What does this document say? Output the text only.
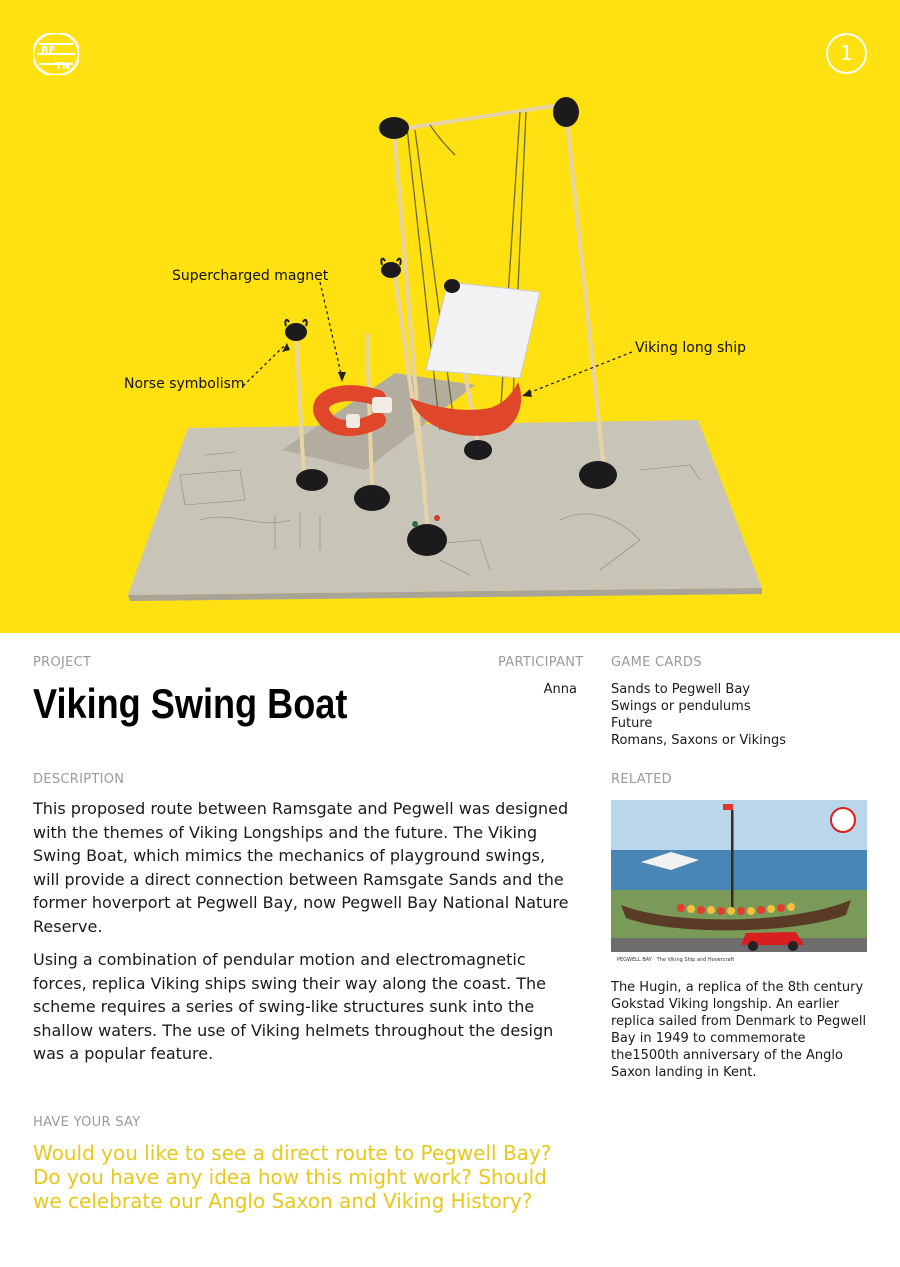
RF
TN
1
Supercharged magnet
Norse symbolism
Viking long ship
PROJECT
Viking Swing Boat
PARTICIPANT
Anna
GAME CARDS
Sands to Pegwell Bay
Swings or pendulums
Future
Romans, Saxons or Vikings
DESCRIPTION

This proposed route between Ramsgate and Pegwell was designed with the themes of Viking Longships and the future. The Viking Swing Boat, which mimics the mechanics of playground swings, will provide a direct connection between Ramsgate Sands and the former hoverport at Pegwell Bay, now Pegwell Bay National Nature Reserve.

Using a combination of pendular motion and electromagnetic forces, replica Viking ships swing their way along the coast. The scheme requires a series of swing-like structures sunk into the shallow waters. The use of Viking helmets throughout the design was a popular feature.

RELATED
PEGWELL BAY · The Viking Ship and Hovercraft
The Hugin, a replica of the 8th century Gokstad Viking longship. An earlier replica sailed from Denmark to Pegwell Bay in 1949 to commemorate the1500th anniversary of the Anglo Saxon landing in Kent.
HAVE YOUR SAY
Would you like to see a direct route to Pegwell Bay? Do you have any idea how this might work? Should we celebrate our Anglo Saxon and Viking History?
